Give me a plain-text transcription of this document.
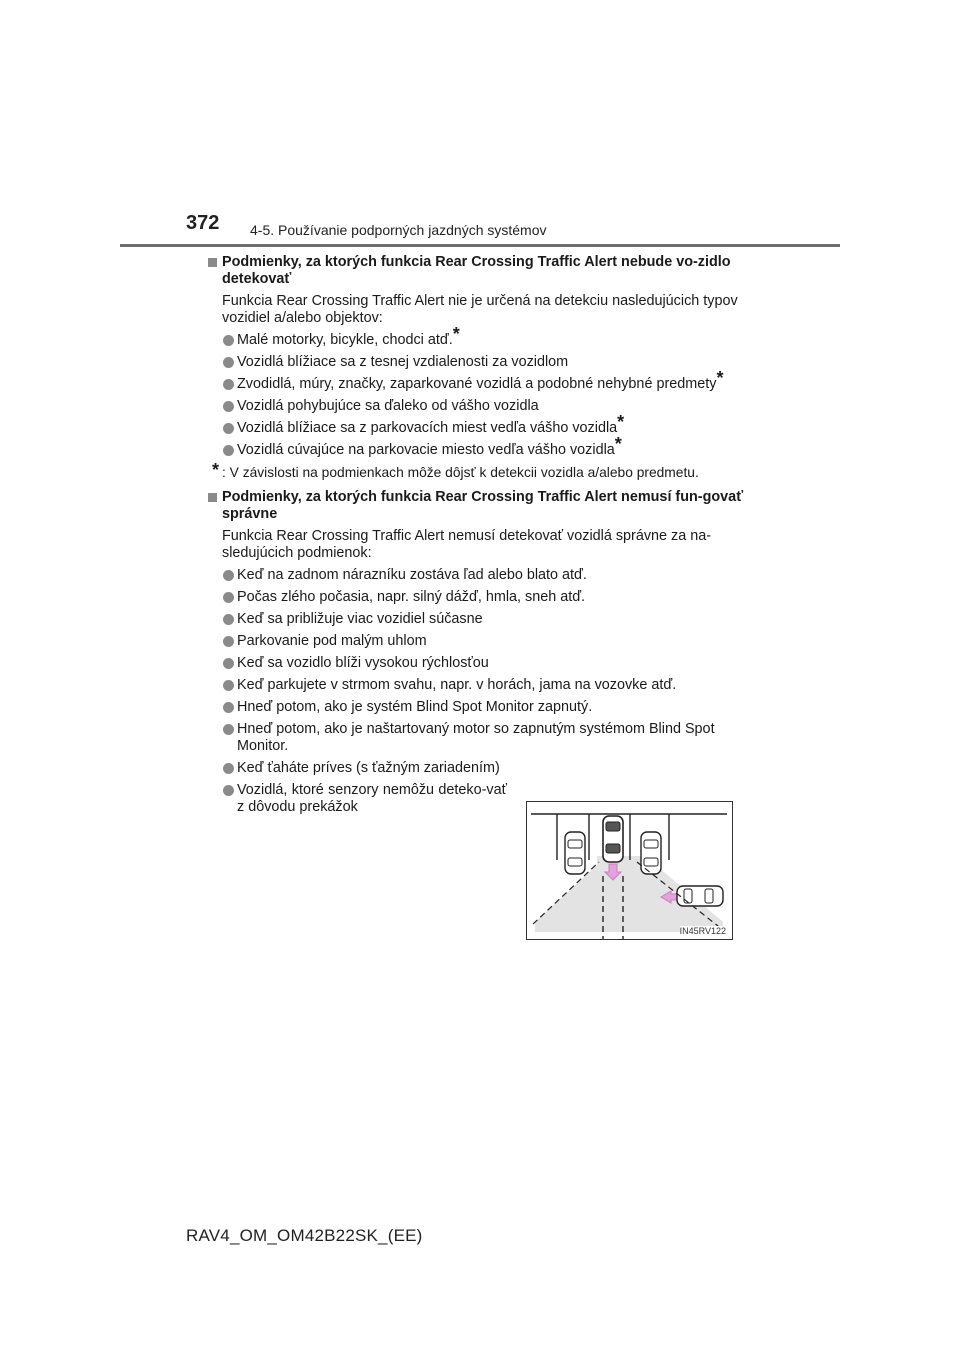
372 4-5. Používanie podporných jazdných systémov
Podmienky, za ktorých funkcia Rear Crossing Traffic Alert nebude vo-zidlo detekovať
Funkcia Rear Crossing Traffic Alert nie je určená na detekciu nasledujúcich typov vozidiel a/alebo objektov:
Malé motorky, bicykle, chodci atď.*
Vozidlá blížiace sa z tesnej vzdialenosti za vozidlom
Zvodidlá, múry, značky, zaparkované vozidlá a podobné nehybné predmety*
Vozidlá pohybujúce sa ďaleko od vášho vozidla
Vozidlá blížiace sa z parkovacích miest vedľa vášho vozidla*
Vozidlá cúvajúce na parkovacie miesto vedľa vášho vozidla*
* : V závislosti na podmienkach môže dôjsť k detekcii vozidla a/alebo predmetu.
Podmienky, za ktorých funkcia Rear Crossing Traffic Alert nemusí fun-govať správne
Funkcia Rear Crossing Traffic Alert nemusí detekovať vozidlá správne za na-sledujúcich podmienok:
Keď na zadnom nárazníku zostáva ľad alebo blato atď.
Počas zlého počasia, napr. silný dážď, hmla, sneh atď.
Keď sa približuje viac vozidiel súčasne
Parkovanie pod malým uhlom
Keď sa vozidlo blíži vysokou rýchlosťou
Keď parkujete v strmom svahu, napr. v horách, jama na vozovke atď.
Hneď potom, ako je systém Blind Spot Monitor zapnutý.
Hneď potom, ako je naštartovaný motor so zapnutým systémom Blind Spot Monitor.
Keď ťaháte príves (s ťažným zariadením)
Vozidlá, ktoré senzory nemôžu deteko-vať z dôvodu prekážok
IN45RV122
RAV4_OM_OM42B22SK_(EE)
